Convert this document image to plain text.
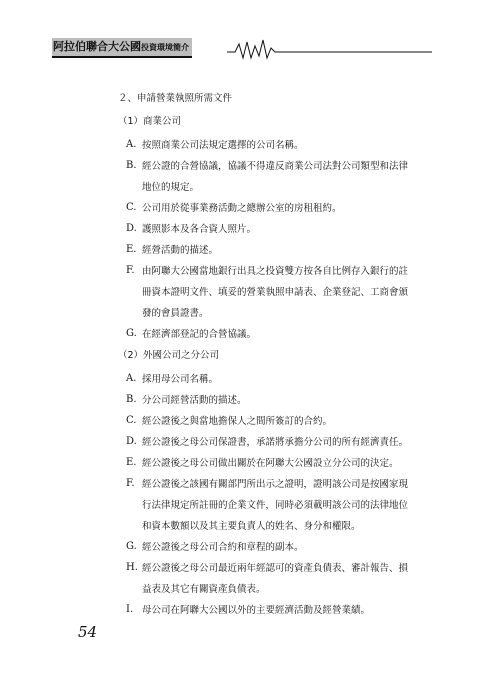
阿拉伯聯合大公國投資環境簡介
２、申請營業執照所需文件
（1）商業公司
A. 按照商業公司法規定選擇的公司名稱。
B. 經公證的合營協議，協議不得違反商業公司法對公司類型和法律
地位的規定。
C. 公司用於從事業務活動之總辦公室的房租租約。
D. 護照影本及各合資人照片。
E. 經營活動的描述。
F. 由阿聯大公國當地銀行出具之投資雙方按各自比例存入銀行的註
冊資本證明文件、填妥的營業執照申請表、企業登記、工商會頒
發的會員證書。
G. 在經濟部登記的合營協議。
（2）外國公司之分公司
A. 採用母公司名稱。
B. 分公司經營活動的描述。
C. 經公證後之與當地擔保人之間所簽訂的合約。
D. 經公證後之母公司保證書，承諾將承擔分公司的所有經濟責任。
E. 經公證後之母公司做出關於在阿聯大公國設立分公司的決定。
F. 經公證後之該國有關部門所出示之證明，證明該公司是按國家現
行法律規定所註冊的企業文件，同時必須載明該公司的法律地位
和資本數額以及其主要負責人的姓名、身分和權限。
G. 經公證後之母公司合約和章程的副本。
H. 經公證後之母公司最近兩年經認可的資產負債表、審計報告、損
益表及其它有關資產負債表。
I. 母公司在阿聯大公國以外的主要經濟活動及經營業績。
54
